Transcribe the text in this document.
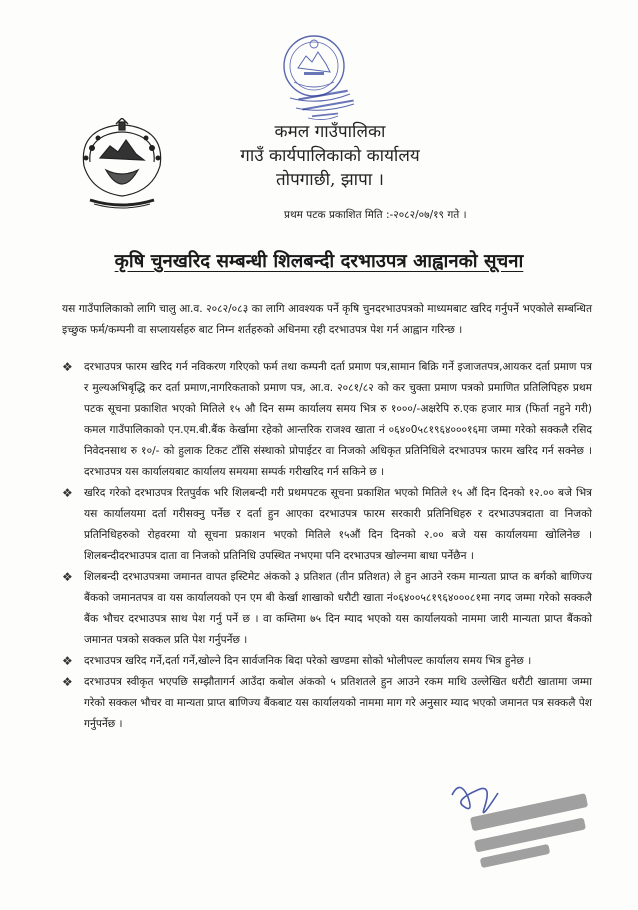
कमल गाउँपालिका
गाउँ कार्यपालिकाको कार्यालय
तोपगाछी, झापा ।
प्रथम पटक प्रकाशित मिति :-२०८२/०७/१९ गते ।
कृषि चुनखरिद सम्बन्धी शिलबन्दी दरभाउपत्र आह्वानको सूचना
यस गाउँपालिकाको लागि चालु आ.व. २०८२/०८३ का लागि आवश्यक पर्ने कृषि चुनदरभाउपत्रको माध्यमबाट खरिद गर्नुपर्ने भएकोले सम्बन्धित इच्छुक फर्म/कम्पनी वा सप्लायर्सहरु बाट निम्न शर्तहरुको अधिनमा रही दरभाउपत्र पेश गर्न आह्वान गरिन्छ ।
❖ दरभाउपत्र फारम खरिद गर्न नविकरण गरिएको फर्म तथा कम्पनी दर्ता प्रमाण पत्र,सामान बिक्रि गर्ने इजाजतपत्र,आयकर दर्ता प्रमाण पत्र र मुल्यअभिबृद्धि कर दर्ता प्रमाण,नागरिकताको प्रमाण पत्र, आ.व. २०८१/८२ को कर चुक्ता प्रमाण पत्रको प्रमाणित प्रतिलिपिहरु प्रथम पटक सूचना प्रकाशित भएको मितिले १५ औ दिन सम्म कार्यालय समय भित्र रु १०००/-अक्षरेपि रु.एक हजार मात्र (फिर्ता नहुने गरी) कमल गाउँपालिकाको एन.एम.बी.बैंक केर्खामा रहेको आन्तरिक राजश्व खाता नं ०६४०0५८१९६४०००१६मा जम्मा गरेको सक्कलै रसिद निवेदनसाथ रु १०/- को हुलाक टिकट टाँसि संस्थाको प्रोपाईटर वा निजको अधिकृत प्रतिनिधिले दरभाउपत्र फारम खरिद गर्न सक्नेछ । दरभाउपत्र यस कार्यालयबाट कार्यालय समयमा सम्पर्क गरीखरिद गर्न सकिने छ ।
❖ खरिद गरेको दरभाउपत्र रितपुर्वक भरि शिलबन्दी गरी प्रथमपटक सूचना प्रकाशित भएको मितिले १५ औं दिन दिनको १२.०० बजे भित्र यस कार्यालयमा दर्ता गरीसक्नु पर्नेछ र दर्ता हुन आएका दरभाउपत्र फारम सरकारी प्रतिनिधिहरु र दरभाउपत्रदाता वा निजको प्रतिनिधिहरुको रोहवरमा यो सूचना प्रकाशन भएको मितिले १५औं दिन दिनको २.०० बजे यस कार्यालयमा खोलिनेछ । शिलबन्दीदरभाउपत्र दाता वा निजको प्रतिनिधि उपस्थित नभएमा पनि दरभाउपत्र खोल्नमा बाधा पर्नेछैन ।
❖ शिलबन्दी दरभाउपत्रमा जमानत वापत इस्टिमेट अंकको ३ प्रतिशत (तीन प्रतिशत) ले हुन आउने रकम मान्यता प्राप्त क बर्गको बाणिज्य बैंकको जमानतपत्र वा यस कार्यालयको एन एम बी केर्खा शाखाको धरौटी खाता नं०६४००५८१९६४०००८१मा नगद जम्मा गरेको सक्कलै बैंक भौचर दरभाउपत्र साथ पेश गर्नु पर्ने छ । वा कम्तिमा ७५ दिन म्याद भएको यस कार्यालयको नाममा जारी मान्यता प्राप्त बैंकको जमानत पत्रको सक्कल प्रति पेश गर्नुपर्नेछ ।
❖ दरभाउपत्र खरिद गर्ने,दर्ता गर्ने,खोल्ने दिन सार्वजनिक बिदा परेको खण्डमा सोको भोलीपल्ट कार्यालय समय भित्र हुनेछ ।
❖ दरभाउपत्र स्वीकृत भएपछि सम्झौतागर्न आउँदा कबोल अंकको ५ प्रतिशतले हुन आउने रकम माथि उल्लेखित धरौटी खातामा जम्मा गरेको सक्कल भौचर वा मान्यता प्राप्त बाणिज्य बैंकबाट यस कार्यालयको नाममा माग गरे अनुसार म्याद भएको जमानत पत्र सक्कलै पेश गर्नुपर्नेछ ।
